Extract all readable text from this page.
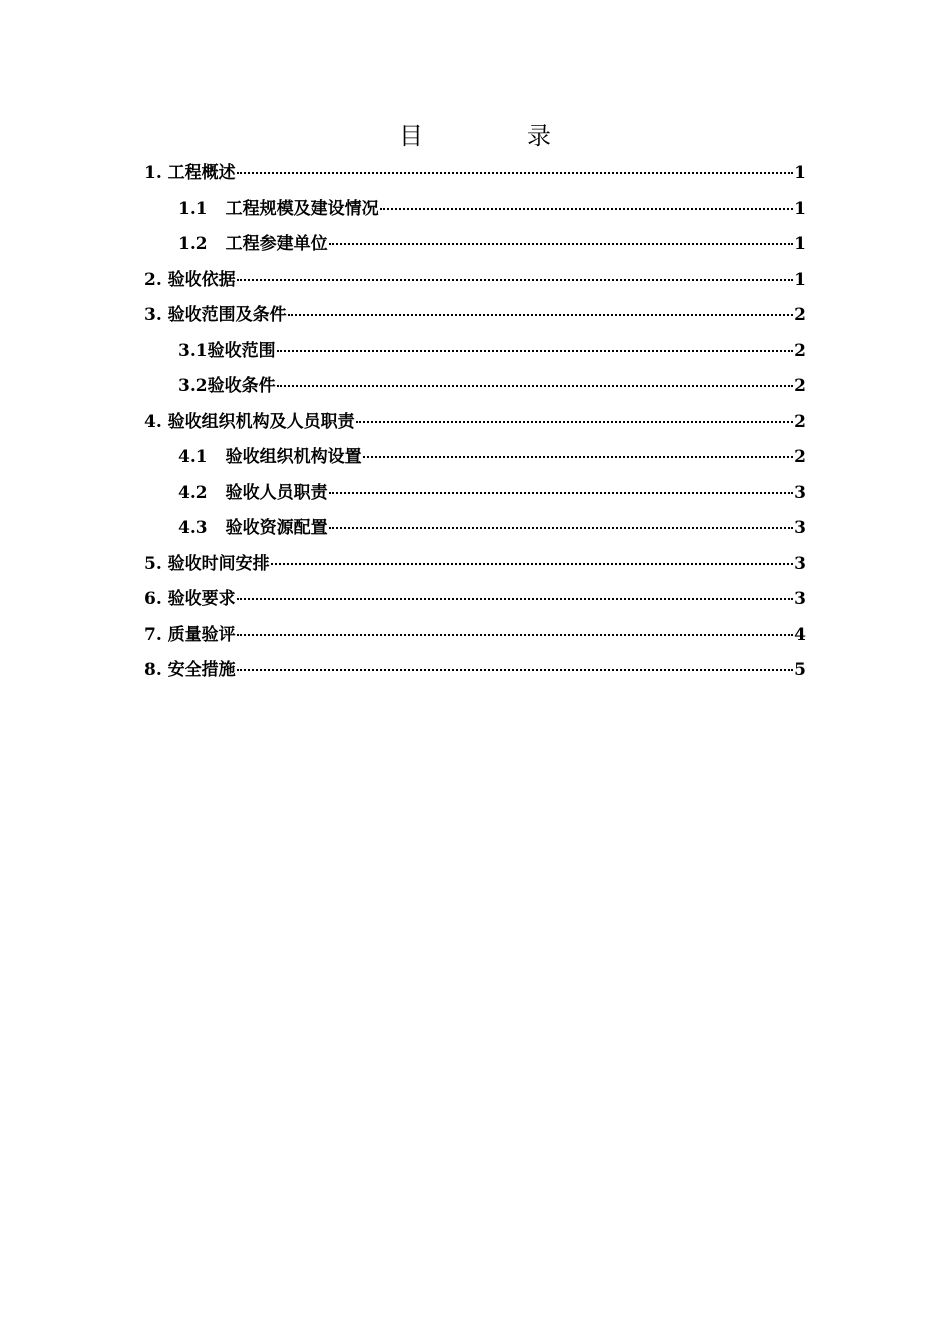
目	录
1. 工程概述	1
1.1 工程规模及建设情况	1
1.2 工程参建单位	1
2. 验收依据	1
3. 验收范围及条件	2
3.1验收范围	2
3.2验收条件	2
4. 验收组织机构及人员职责	2
4.1 验收组织机构设置	2
4.2 验收人员职责	3
4.3 验收资源配置	3
5. 验收时间安排	3
6. 验收要求	3
7. 质量验评	4
8. 安全措施	5
